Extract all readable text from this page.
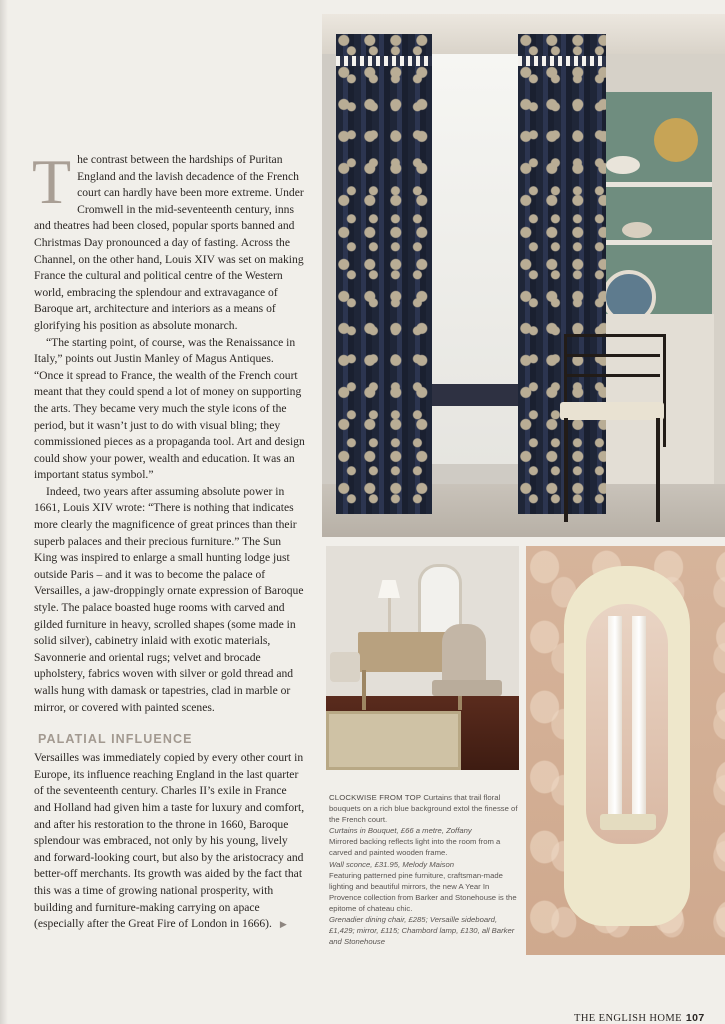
The contrast between the hardships of Puritan England and the lavish decadence of the French court can hardly have been more extreme. Under Cromwell in the mid-seventeenth century, inns and theatres had been closed, popular sports banned and Christmas Day pronounced a day of fasting. Across the Channel, on the other hand, Louis XIV was set on making France the cultural and political centre of the Western world, embracing the splendour and extravagance of Baroque art, architecture and interiors as a means of glorifying his position as absolute monarch.

“The starting point, of course, was the Renaissance in Italy,” points out Justin Manley of Magus Antiques. “Once it spread to France, the wealth of the French court meant that they could spend a lot of money on supporting the arts. They became very much the style icons of the period, but it wasn’t just to do with visual bling; they commissioned pieces as a propaganda tool. Art and design could show your power, wealth and education. It was an important status symbol.”

Indeed, two years after assuming absolute power in 1661, Louis XIV wrote: “There is nothing that indicates more clearly the magnificence of great princes than their superb palaces and their precious furniture.” The Sun King was inspired to enlarge a small hunting lodge just outside Paris – and it was to become the palace of Versailles, a jaw-droppingly ornate expression of Baroque style. The palace boasted huge rooms with carved and gilded furniture in heavy, scrolled shapes (some made in solid silver), cabinetry inlaid with exotic materials, Savonnerie and oriental rugs; velvet and brocade upholstery, fabrics woven with silver or gold thread and walls hung with damask or tapestries, clad in marble or mirror, or covered with painted scenes.

PALATIAL INFLUENCE

Versailles was immediately copied by every other court in Europe, its influence reaching England in the last quarter of the seventeenth century. Charles II’s exile in France and Holland had given him a taste for luxury and comfort, and after his restoration to the throne in 1660, Baroque splendour was embraced, not only by his young, lively and forward-looking court, but also by the aristocracy and better-off merchants. Its growth was aided by the fact that this was a time of growing national prosperity, with building and furniture-making carrying on apace (especially after the Great Fire of London in 1666). ▶

CLOCKWISE FROM TOP Curtains that trail floral bouquets on a rich blue background extol the finesse of the French court.
Curtains in Bouquet, £66 a metre, Zoffany
Mirrored backing reflects light into the room from a carved and painted wooden frame.
Wall sconce, £31.95, Melody Maison
Featuring patterned pine furniture, craftsman-made lighting and beautiful mirrors, the new A Year In Provence collection from Barker and Stonehouse is the epitome of chateau chic.
Grenadier dining chair, £285; Versaille sideboard, £1,429; mirror, £115; Chambord lamp, £130, all Barker and Stonehouse

THE ENGLISH HOME 107
